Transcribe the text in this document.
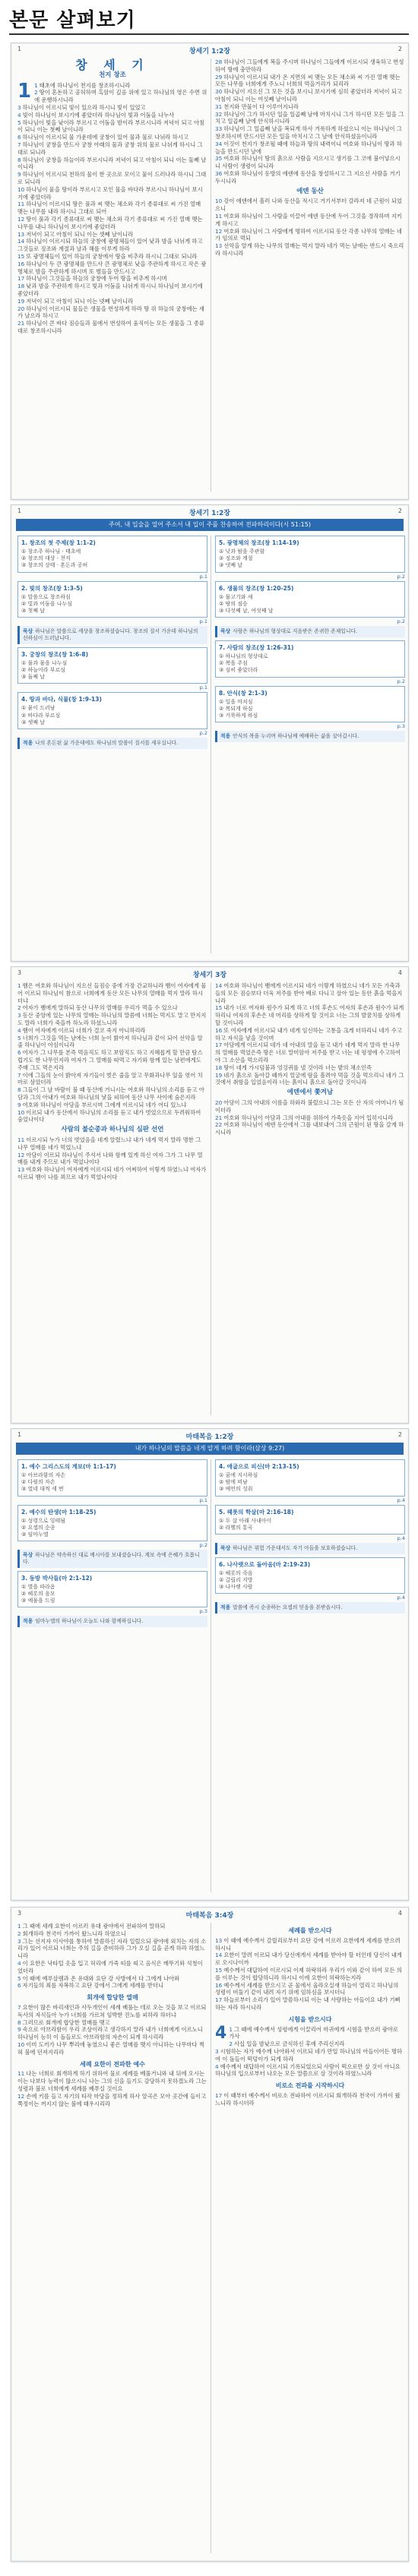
본문 살펴보기
1	창세기 1:2장	2
창 세 기
천지 창조
1 1 태초에 하나님이 천지를 창조하시니라
2 땅이 혼돈하고 공허하며 흑암이 깊음 위에 있고 하나님의 영은 수면 위에 운행하시니라
3 하나님이 이르시되 빛이 있으라 하시니 빛이 있었고
4 빛이 하나님이 보시기에 좋았더라 하나님이 빛과 어둠을 나누사
5 하나님이 빛을 낮이라 부르시고 어둠을 밤이라 부르시니라 저녁이 되고 아침이 되니 이는 첫째 날이니라
6 하나님이 이르시되 물 가운데에 궁창이 있어 물과 물로 나뉘라 하시고
7 하나님이 궁창을 만드사 궁창 아래의 물과 궁창 위의 물로 나뉘게 하시니 그대로 되니라
8 하나님이 궁창을 하늘이라 부르시니라 저녁이 되고 아침이 되니 이는 둘째 날이니라
9 하나님이 이르시되 천하의 물이 한 곳으로 모이고 뭍이 드러나라 하시니 그대로 되니라
10 하나님이 뭍을 땅이라 부르시고 모인 물을 바다라 부르시니 하나님이 보시기에 좋았더라
11 하나님이 이르시되 땅은 풀과 씨 맺는 채소와 각기 종류대로 씨 가진 열매 맺는 나무를 내라 하시니 그대로 되어
12 땅이 풀과 각기 종류대로 씨 맺는 채소와 각기 종류대로 씨 가진 열매 맺는 나무를 내니 하나님이 보시기에 좋았더라
13 저녁이 되고 아침이 되니 이는 셋째 날이니라
14 하나님이 이르시되 하늘의 궁창에 광명체들이 있어 낮과 밤을 나뉘게 하고 그것들로 징조와 계절과 날과 해를 이루게 하라
15 또 광명체들이 있어 하늘의 궁창에서 땅을 비추라 하시니 그대로 되니라
16 하나님이 두 큰 광명체를 만드사 큰 광명체로 낮을 주관하게 하시고 작은 광명체로 밤을 주관하게 하시며 또 별들을 만드시고
17 하나님이 그것들을 하늘의 궁창에 두어 땅을 비추게 하시며
18 낮과 밤을 주관하게 하시고 빛과 어둠을 나뉘게 하시니 하나님이 보시기에 좋았더라
19 저녁이 되고 아침이 되니 이는 넷째 날이니라
20 하나님이 이르시되 물들은 생물을 번성하게 하라 땅 위 하늘의 궁창에는 새가 날으라 하시고
21 하나님이 큰 바다 짐승들과 물에서 번성하여 움직이는 모든 생물을 그 종류대로 창조하시니라
28 하나님이 그들에게 복을 주시며 하나님이 그들에게 이르시되 생육하고 번성하여 땅에 충만하라
29 하나님이 이르시되 내가 온 지면의 씨 맺는 모든 채소와 씨 가진 열매 맺는 모든 나무를 너희에게 주노니 너희의 먹을거리가 되리라
30 하나님이 지으신 그 모든 것을 보시니 보시기에 심히 좋았더라 저녁이 되고 아침이 되니 이는 여섯째 날이니라
31 천지와 만물이 다 이루어지니라
32 하나님이 그가 하시던 일을 일곱째 날에 마치시니 그가 하시던 모든 일을 그치고 일곱째 날에 안식하시니라
33 하나님이 그 일곱째 날을 복되게 하사 거룩하게 하셨으니 이는 하나님이 그 창조하시며 만드시던 모든 일을 마치시고 그 날에 안식하셨음이니라
34 이것이 천지가 창조될 때에 하늘과 땅의 내력이니 여호와 하나님이 땅과 하늘을 만드시던 날에
35 여호와 하나님이 땅의 흙으로 사람을 지으시고 생기를 그 코에 불어넣으시니 사람이 생령이 되니라
36 여호와 하나님이 동방의 에덴에 동산을 창설하시고 그 지으신 사람을 거기 두시니라
에덴 동산
10 강이 에덴에서 흘러 나와 동산을 적시고 거기서부터 갈라져 네 근원이 되었으니
11 여호와 하나님이 그 사람을 이끌어 에덴 동산에 두어 그것을 경작하며 지키게 하시고
12 여호와 하나님이 그 사람에게 명하여 이르시되 동산 각종 나무의 열매는 네가 임의로 먹되
13 선악을 알게 하는 나무의 열매는 먹지 말라 네가 먹는 날에는 반드시 죽으리라 하시니라
1	창세기 1:2장	2
주여, 내 입술을 열어 주소서 내 입이 주를 찬송하여 전파하리이다(시 51:15)
1. 창조의 첫 주제(창 1:1-2)
① 창조주 하나님 · 태초에
② 창조의 대상 · 천지
③ 창조의 상태 · 혼돈과 공허
p.1
2. 빛의 창조(창 1:3-5)
① 말씀으로 창조하심
② 빛과 어둠을 나누심
③ 첫째 날
p.1
묵상 하나님은 말씀으로 세상을 창조하셨습니다. 창조의 질서 가운데 하나님의 선하심이 드러납니다.
3. 궁창의 창조(창 1:6-8)
① 물과 물을 나누심
② 하늘이라 부르심
③ 둘째 날
p.1
4. 땅과 바다, 식물(창 1:9-13)
① 뭍이 드러남
② 바다라 부르심
③ 셋째 날
p.2
적용 나의 혼돈된 삶 가운데에도 하나님의 말씀이 질서를 세우십니다.
5. 광명체의 창조(창 1:14-19)
① 낮과 밤을 주관함
② 징조와 계절
③ 넷째 날
p.2
6. 생물의 창조(창 1:20-25)
① 물고기와 새
② 땅의 짐승
③ 다섯째 날, 여섯째 날
p.2
묵상 사람은 하나님의 형상대로 지음받은 존귀한 존재입니다.
7. 사람의 창조(창 1:26-31)
① 하나님의 형상대로
② 복을 주심
③ 심히 좋았더라
p.2
8. 안식(창 2:1-3)
① 일을 마치심
② 복되게 하심
③ 거룩하게 하심
p.3
적용 안식의 복을 누리며 하나님께 예배하는 삶을 살아갑시다.
3	창세기 3장	4
1 뱀은 여호와 하나님이 지으신 들짐승 중에 가장 간교하니라 뱀이 여자에게 물어 이르되 하나님이 참으로 너희에게 동산 모든 나무의 열매를 먹지 말라 하시더냐
2 여자가 뱀에게 말하되 동산 나무의 열매를 우리가 먹을 수 있으나
3 동산 중앙에 있는 나무의 열매는 하나님의 말씀에 너희는 먹지도 말고 만지지도 말라 너희가 죽을까 하노라 하셨느니라
4 뱀이 여자에게 이르되 너희가 결코 죽지 아니하리라
5 너희가 그것을 먹는 날에는 너희 눈이 밝아져 하나님과 같이 되어 선악을 알 줄 하나님이 아심이니라
6 여자가 그 나무를 본즉 먹음직도 하고 보암직도 하고 지혜롭게 할 만큼 탐스럽기도 한 나무인지라 여자가 그 열매를 따먹고 자기와 함께 있는 남편에게도 주매 그도 먹은지라
7 이에 그들의 눈이 밝아져 자기들이 벗은 줄을 알고 무화과나무 잎을 엮어 치마로 삼았더라
8 그들이 그 날 바람이 불 때 동산에 거니시는 여호와 하나님의 소리를 듣고 아담과 그의 아내가 여호와 하나님의 낯을 피하여 동산 나무 사이에 숨은지라
9 여호와 하나님이 아담을 부르시며 그에게 이르시되 네가 어디 있느냐
10 이르되 내가 동산에서 하나님의 소리를 듣고 내가 벗었으므로 두려워하여 숨었나이다
사람의 불순종과 하나님의 심판 선언
11 이르시되 누가 너의 벗었음을 네게 알렸느냐 내가 네게 먹지 말라 명한 그 나무 열매를 네가 먹었느냐
12 아담이 이르되 하나님이 주셔서 나와 함께 있게 하신 여자 그가 그 나무 열매를 내게 주므로 내가 먹었나이다
13 여호와 하나님이 여자에게 이르시되 네가 어찌하여 이렇게 하였느냐 여자가 이르되 뱀이 나를 꾀므로 내가 먹었나이다
14 여호와 하나님이 뱀에게 이르시되 네가 이렇게 하였으니 네가 모든 가축과 들의 모든 짐승보다 더욱 저주를 받아 배로 다니고 살아 있는 동안 흙을 먹을지니라
15 내가 너로 여자와 원수가 되게 하고 너의 후손도 여자의 후손과 원수가 되게 하리니 여자의 후손은 네 머리를 상하게 할 것이요 너는 그의 발꿈치를 상하게 할 것이니라
16 또 여자에게 이르시되 내가 네게 임신하는 고통을 크게 더하리니 네가 수고하고 자식을 낳을 것이며
17 아담에게 이르시되 네가 네 아내의 말을 듣고 내가 네게 먹지 말라 한 나무의 열매를 먹었은즉 땅은 너로 말미암아 저주를 받고 너는 네 평생에 수고하여야 그 소산을 먹으리라
18 땅이 네게 가시덤불과 엉겅퀴를 낼 것이라 너는 밭의 채소인즉
19 네가 흙으로 돌아갈 때까지 얼굴에 땀을 흘려야 먹을 것을 먹으리니 네가 그것에서 취함을 입었음이라 너는 흙이니 흙으로 돌아갈 것이니라
에덴에서 쫓겨남
20 아담이 그의 아내의 이름을 하와라 불렀으니 그는 모든 산 자의 어머니가 됨이더라
21 여호와 하나님이 아담과 그의 아내를 위하여 가죽옷을 지어 입히시니라
22 여호와 하나님이 에덴 동산에서 그를 내보내어 그의 근원이 된 땅을 갈게 하시니라
1	마태복음 1:2장	2
내가 하나님의 말씀을 네게 알게 하려 함이라(삼상 9:27)
1. 예수 그리스도의 계보(마 1:1-17)
① 아브라함의 자손
② 다윗의 자손
③ 열네 대씩 세 번
p.1
2. 예수의 탄생(마 1:18-25)
① 성령으로 잉태됨
② 요셉의 순종
③ 임마누엘
p.2
묵상 하나님은 약속하신 대로 메시아를 보내셨습니다. 계보 속에 은혜가 흐릅니다.
3. 동방 박사들(마 2:1-12)
① 별을 따라옴
② 헤롯의 음모
③ 예물을 드림
p.3
적용 임마누엘의 하나님이 오늘도 나와 함께하십니다.
4. 애굽으로 피신(마 2:13-15)
① 꿈에 지시하심
② 밤에 떠남
③ 예언의 성취
p.4
5. 헤롯의 학살(마 2:16-18)
① 두 살 아래 사내아이
② 라헬의 통곡
p.4
묵상 하나님은 위험 가운데서도 자기 아들을 보호하셨습니다.
6. 나사렛으로 돌아옴(마 2:19-23)
① 헤롯의 죽음
② 갈릴리 지방
③ 나사렛 사람
p.4
적용 말씀에 즉시 순종하는 요셉의 믿음을 본받읍시다.
3	마태복음 3:4장	4
1 그 때에 세례 요한이 이르러 유대 광야에서 전파하여 말하되
2 회개하라 천국이 가까이 왔느니라 하였으니
3 그는 선지자 이사야를 통하여 말씀하신 자라 일렀으되 광야에 외치는 자의 소리가 있어 이르되 너희는 주의 길을 준비하라 그가 오실 길을 곧게 하라 하였느니라
4 이 요한은 낙타털 옷을 입고 허리에 가죽 띠를 띠고 음식은 메뚜기와 석청이었더라
5 이 때에 예루살렘과 온 유대와 요단 강 사방에서 다 그에게 나아와
6 자기들의 죄를 자복하고 요단 강에서 그에게 세례를 받더니
회개에 합당한 열매
7 요한이 많은 바리새인과 사두개인이 세례 베풀는 데로 오는 것을 보고 이르되 독사의 자식들아 누가 너희를 가르쳐 임박한 진노를 피하라 하더냐
8 그러므로 회개에 합당한 열매를 맺고
9 속으로 아브라함이 우리 조상이라고 생각하지 말라 내가 너희에게 이르노니 하나님이 능히 이 돌들로도 아브라함의 자손이 되게 하시리라
10 이미 도끼가 나무 뿌리에 놓였으니 좋은 열매를 맺지 아니하는 나무마다 찍혀 불에 던져지리라
세례 요한이 전파한 예수
11 나는 너희로 회개하게 하기 위하여 물로 세례를 베풀거니와 내 뒤에 오시는 이는 나보다 능력이 많으시니 나는 그의 신을 들기도 감당하지 못하겠노라 그는 성령과 불로 너희에게 세례를 베푸실 것이요
12 손에 키를 들고 자기의 타작 마당을 정하게 하사 알곡은 모아 곳간에 들이고 쭉정이는 꺼지지 않는 불에 태우시리라
세례를 받으시다
13 이 때에 예수께서 갈릴리로부터 요단 강에 이르러 요한에게 세례를 받으려 하시니
14 요한이 말려 이르되 내가 당신에게서 세례를 받아야 할 터인데 당신이 내게로 오시나이까
15 예수께서 대답하여 이르시되 이제 허락하라 우리가 이와 같이 하여 모든 의를 이루는 것이 합당하니라 하시니 이에 요한이 허락하는지라
16 예수께서 세례를 받으시고 곧 물에서 올라오실새 하늘이 열리고 하나님의 성령이 비둘기 같이 내려 자기 위에 임하심을 보시더니
17 하늘로부터 소리가 있어 말씀하시되 이는 내 사랑하는 아들이요 내가 기뻐하는 자라 하시니라
시험을 받으시다
4 1 그 때에 예수께서 성령에게 이끌리어 마귀에게 시험을 받으러 광야로 가사
2 사십 일을 밤낮으로 금식하신 후에 주리신지라
3 시험하는 자가 예수께 나아와서 이르되 네가 만일 하나님의 아들이어든 명하여 이 돌들이 떡덩이가 되게 하라
4 예수께서 대답하여 이르시되 기록되었으되 사람이 떡으로만 살 것이 아니요 하나님의 입으로부터 나오는 모든 말씀으로 살 것이라 하였느니라
비로소 전파를 시작하시다
17 이 때부터 예수께서 비로소 전파하여 이르시되 회개하라 천국이 가까이 왔느니라 하시더라
